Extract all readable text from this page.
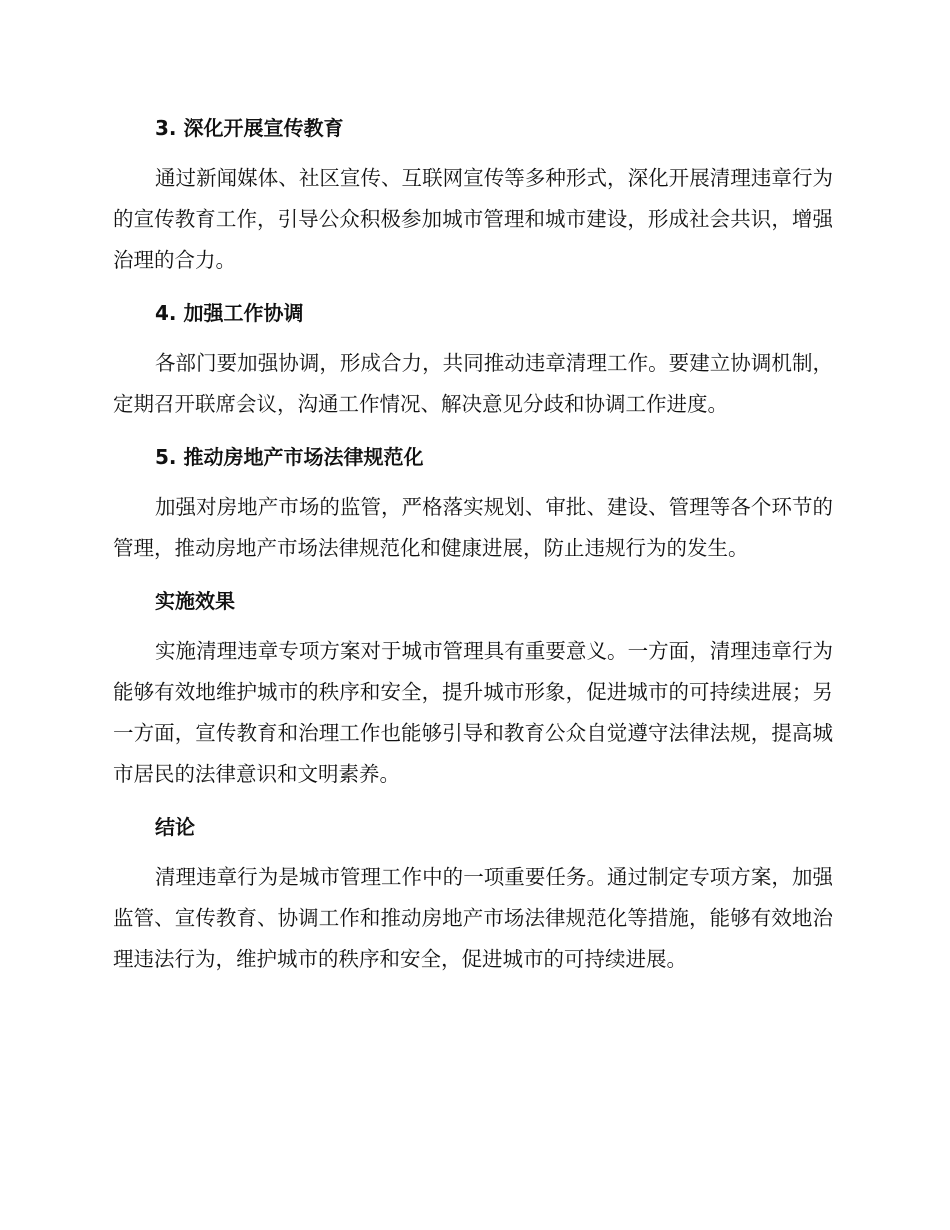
3. 深化开展宣传教育

通过新闻媒体、社区宣传、互联网宣传等多种形式，深化开展清理违章行为的宣传教育工作，引导公众积极参加城市管理和城市建设，形成社会共识，增强治理的合力。

4. 加强工作协调

各部门要加强协调，形成合力，共同推动违章清理工作。要建立协调机制，定期召开联席会议，沟通工作情况、解决意见分歧和协调工作进度。

5. 推动房地产市场法律规范化

加强对房地产市场的监管，严格落实规划、审批、建设、管理等各个环节的管理，推动房地产市场法律规范化和健康进展，防止违规行为的发生。

实施效果

实施清理违章专项方案对于城市管理具有重要意义。一方面，清理违章行为能够有效地维护城市的秩序和安全，提升城市形象，促进城市的可持续进展；另一方面，宣传教育和治理工作也能够引导和教育公众自觉遵守法律法规，提高城市居民的法律意识和文明素养。

结论

清理违章行为是城市管理工作中的一项重要任务。通过制定专项方案，加强监管、宣传教育、协调工作和推动房地产市场法律规范化等措施，能够有效地治理违法行为，维护城市的秩序和安全，促进城市的可持续进展。
